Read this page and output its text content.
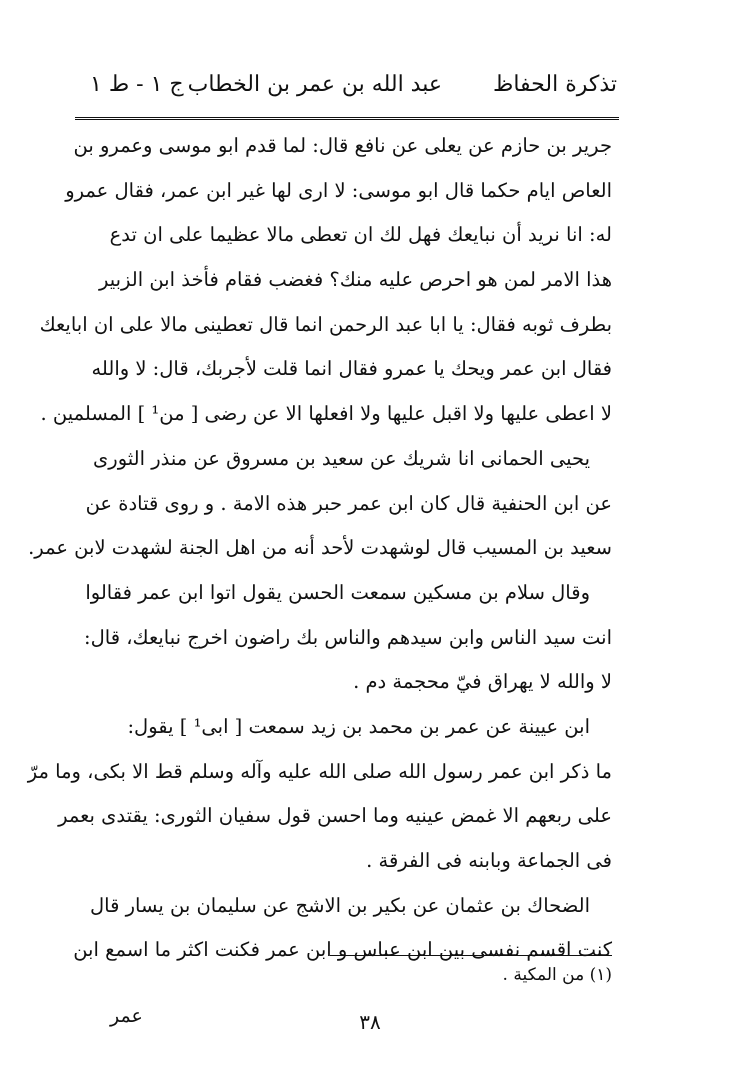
تذكرة الحفاظ
عبد الله بن عمر بن الخطاب
ج ١ - ط ١
جرير بن حازم عن يعلى عن نافع قال: لما قدم ابو موسى وعمرو بن
العاص ايام حكما قال ابو موسى: لا ارى لها غير ابن عمر، فقال عمرو
له: انا نريد أن نبايعك فهل لك ان تعطى مالا عظيما على ان تدع
هذا الامر لمن هو احرص عليه منك؟ فغضب فقام فأخذ ابن الزبير
بطرف ثوبه فقال: يا ابا عبد الرحمن انما قال تعطينى مالا على ان ابايعك
فقال ابن عمر ويحك يا عمرو فقال انما قلت لأجربك، قال: لا والله
لا اعطى عليها ولا اقبل عليها ولا افعلها الا عن رضى [ من¹ ] المسلمين .
يحيى الحمانى انا شريك عن سعيد بن مسروق عن منذر الثورى
عن ابن الحنفية قال كان ابن عمر حبر هذه الامة . و روى قتادة عن
سعيد بن المسيب قال لوشهدت لأحد أنه من اهل الجنة لشهدت لابن عمر.
وقال سلام بن مسكين سمعت الحسن يقول اتوا ابن عمر فقالوا
انت سيد الناس وابن سيدهم والناس بك راضون اخرج نبايعك، قال:
لا والله لا يهراق فيّ محجمة دم .
ابن عيينة عن عمر بن محمد بن زيد سمعت [ ابى¹ ] يقول:
ما ذكر ابن عمر رسول الله صلى الله عليه وآله وسلم قط الا بكى، وما مرّ
على ربعهم الا غمض عينيه وما احسن قول سفيان الثورى: يقتدى بعمر
فى الجماعة وبابنه فى الفرقة .
الضحاك بن عثمان عن بكير بن الاشج عن سليمان بن يسار قال
كنت اقسم نفسى بين ابن عباس و ابن عمر فكنت اكثر ما اسمع ابن
(١) من المكية .
٣٨
عمر
